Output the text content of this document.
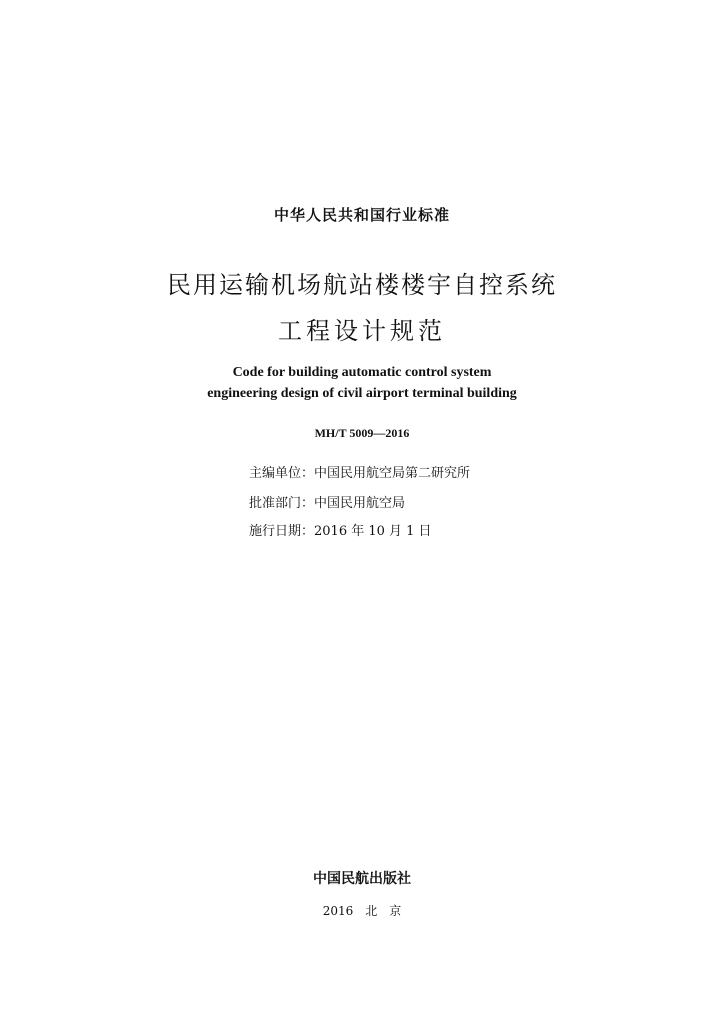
中华人民共和国行业标准
民用运输机场航站楼楼宇自控系统
工程设计规范
Code for building automatic control system
engineering design of civil airport terminal building
MH/T 5009—2016
主编单位：中国民用航空局第二研究所
批准部门：中国民用航空局
施行日期：2016 年 10 月 1 日
中国民航出版社
2016　北　京
